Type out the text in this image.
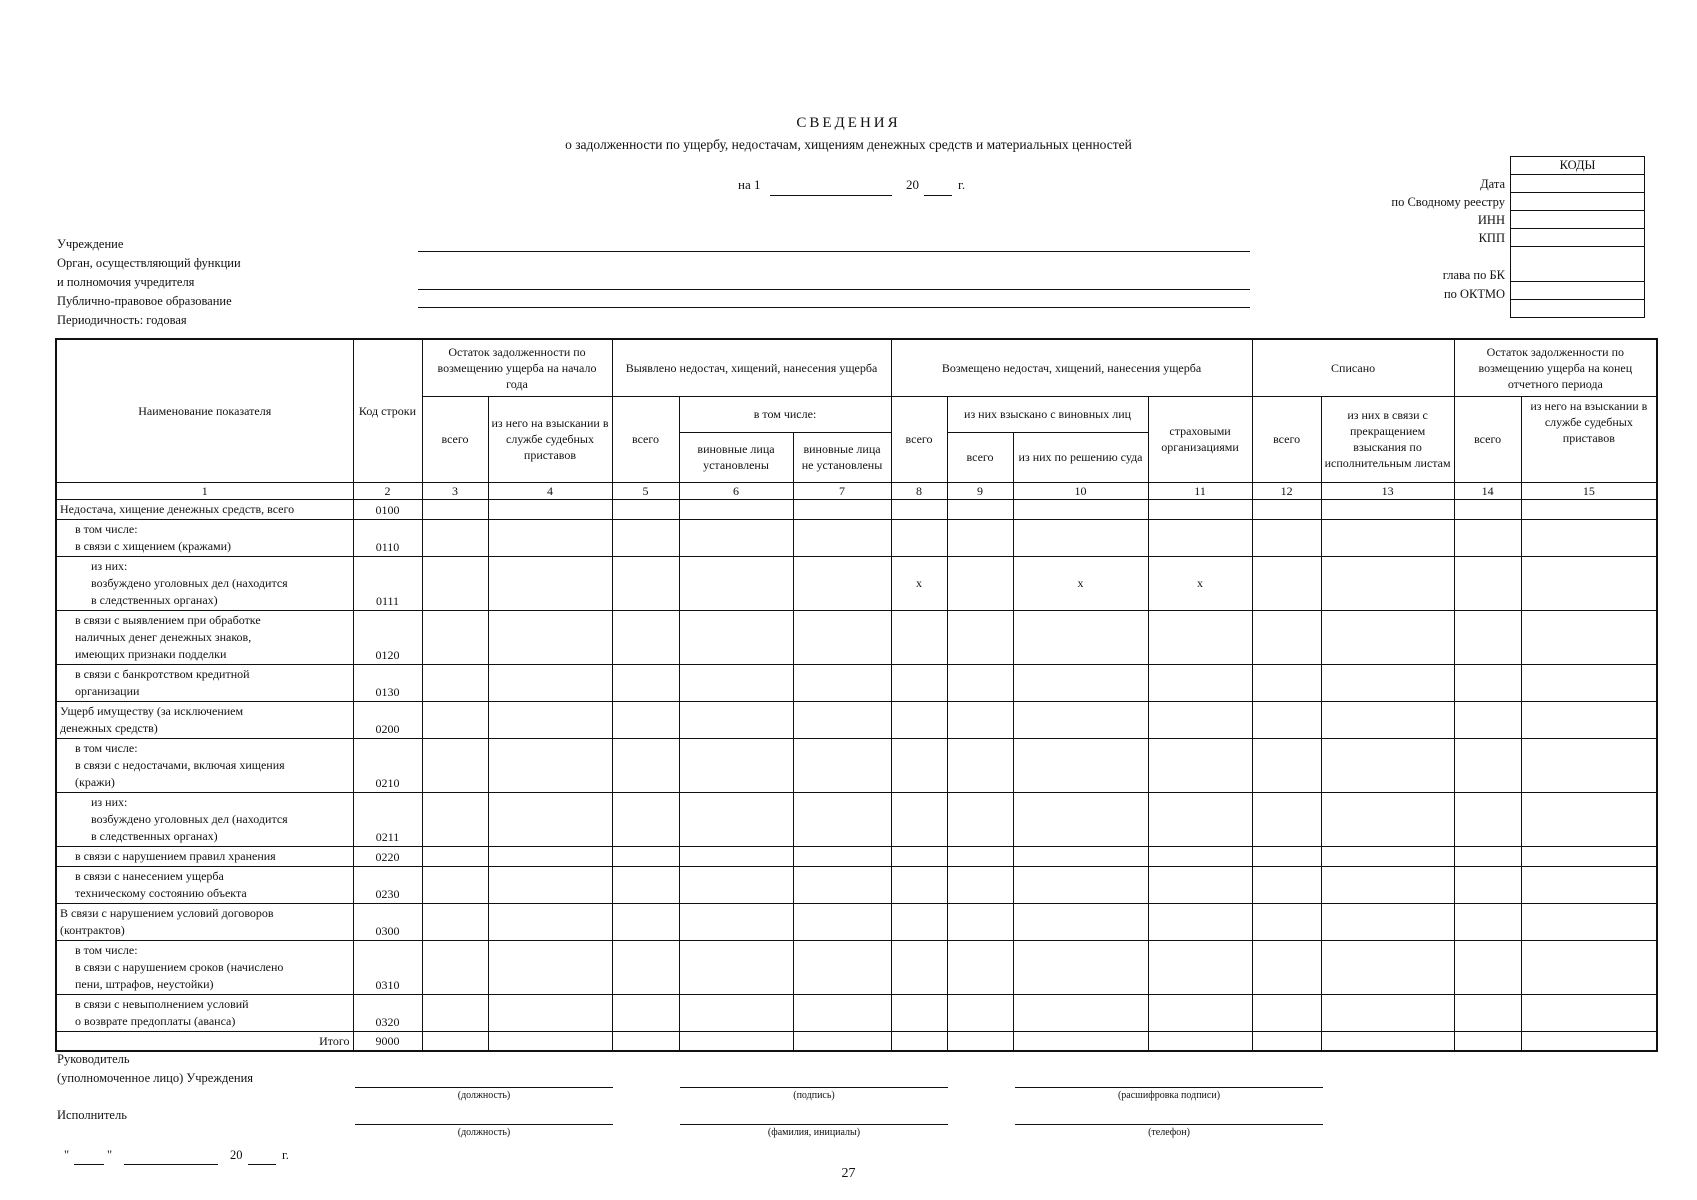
СВЕДЕНИЯ
о задолженности по ущербу, недостачам, хищениям денежных средств и материальных ценностей
на 1	20	г.	Дата
по Сводному реестру
ИНН
КПП
глава по БК
по ОКТМО
КОДЫ

Учреждение
Орган, осуществляющий функции
и полномочия учредителя
Публично-правовое образование
Периодичность: годовая
Наименование показателя	Код строки	Остаток задолженности по возмещению ущерба на начало года		Выявлено недостач, хищений, нанесения ущерба			Возмещено недостач, хищений, нанесения ущерба				Списано		Остаток задолженности по возмещению ущерба на конец отчетного периода	
		всего	из него на взыскании в службе судебных приставов	всего	в том числе:		всего	из них взыскано с виновных лиц		страховыми организациями	всего	из них в связи с прекращением взыскания по исполнительным листам	всего	из него на взыскании в службе судебных приставов
					виновные лица установлены	виновные лица не установлены		всего	из них по решению суда					
1	2	3	4	5	6	7	8	9	10	11	12	13	14	15

Недостача, хищение денежных средств, всего	0100													

в том числе:
в связи с хищением (кражами)	0110													

из них:
возбуждено уголовных дел (находится
в следственных органах)	0111						x		x	x				

в связи с выявлением при обработке
наличных денег денежных знаков,
имеющих признаки подделки	0120													

в связи с банкротством кредитной
организации	0130													

Ущерб имуществу (за исключением
денежных средств)	0200													

в том числе:
в связи с недостачами, включая хищения
(кражи)	0210													

из них:
возбуждено уголовных дел (находится
в следственных органах)	0211													

в связи с нарушением правил хранения	0220													

в связи с нанесением ущерба
техническому состоянию объекта	0230													

В связи с нарушением условий договоров
(контрактов)	0300													

в том числе:
в связи с нарушением сроков (начислено
пени, штрафов, неустойки)	0310													

в связи с невыполнением условий
о возврате предоплаты (аванса)	0320													
Итого	9000													
Руководитель
(уполномоченное лицо) Учреждения
(должность)	(подпись)	(расшифровка подписи)
Исполнитель
(должность)	(фамилия, инициалы)	(телефон)
"	"	20	г.
27
